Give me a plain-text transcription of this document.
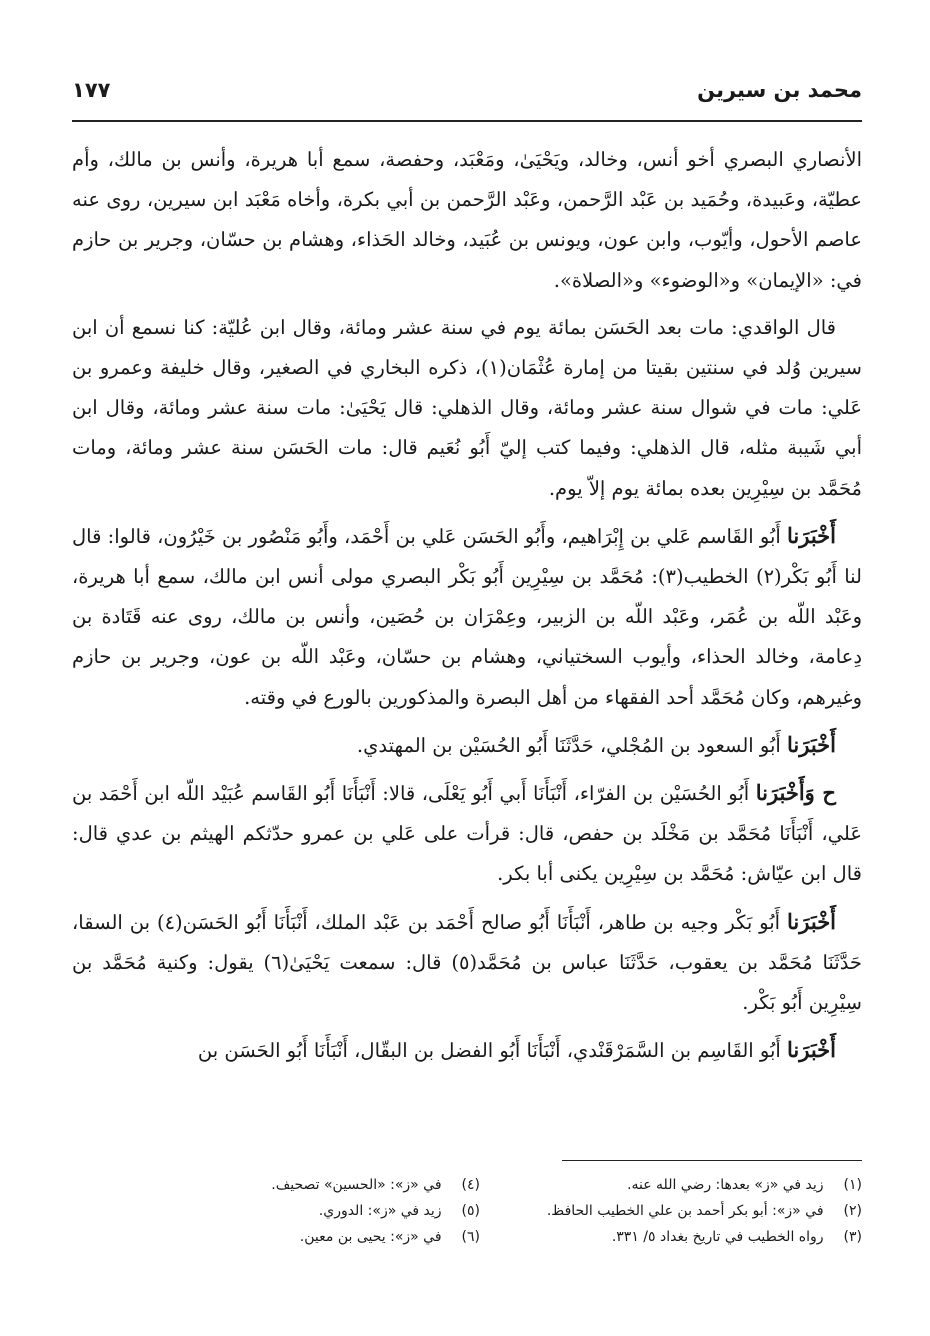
محمد بن سيرين
١٧٧

الأنصاري البصري أخو أنس، وخالد، ويَحْيَىٰ، ومَعْبَد، وحفصة، سمع أبا هريرة، وأنس بن مالك، وأم عطيّة، وعَبيدة، وحُمَيد بن عَبْد الرَّحمن، وعَبْد الرَّحمن بن أبي بكرة، وأخاه مَعْبَد ابن سيرين، روى عنه عاصم الأحول، وأيّوب، وابن عون، ويونس بن عُبَيد، وخالد الحَذاء، وهشام بن حسّان، وجرير بن حازم في: «الإيمان» و«الوضوء» و«الصلاة».

قال الواقدي: مات بعد الحَسَن بمائة يوم في سنة عشر ومائة، وقال ابن عُليّة: كنا نسمع أن ابن سيرين وُلد في سنتين بقيتا من إمارة عُثْمَان(١)، ذكره البخاري في الصغير، وقال خليفة وعمرو بن عَلي: مات في شوال سنة عشر ومائة، وقال الذهلي: قال يَحْيَىٰ: مات سنة عشر ومائة، وقال ابن أبي شَيبة مثله، قال الذهلي: وفيما كتب إليّ أَبُو نُعَيم قال: مات الحَسَن سنة عشر ومائة، ومات مُحَمَّد بن سِيْرِين بعده بمائة يوم إلاّ يوم.

أَخْبَرَنا أَبُو القَاسم عَلي بن إِبْرَاهيم، وأَبُو الحَسَن عَلي بن أَحْمَد، وأَبُو مَنْصُور بن خَيْرُون، قالوا: قال لنا أَبُو بَكْر(٢) الخطيب(٣): مُحَمَّد بن سِيْرِين أَبُو بَكْر البصري مولى أنس ابن مالك، سمع أبا هريرة، وعَبْد اللّه بن عُمَر، وعَبْد اللّه بن الزبير، وعِمْرَان بن حُصَين، وأنس بن مالك، روى عنه قَتَادة بن دِعامة، وخالد الحذاء، وأيوب السختياني، وهشام بن حسّان، وعَبْد اللّه بن عون، وجرير بن حازم وغيرهم، وكان مُحَمَّد أحد الفقهاء من أهل البصرة والمذكورين بالورع في وقته.

أَخْبَرَنا أَبُو السعود بن المُجْلي، حَدَّثَنَا أَبُو الحُسَيْن بن المهتدي.

ح وَأَخْبَرَنا أَبُو الحُسَيْن بن الفرّاء، أَنْبَأَنَا أَبي أَبُو يَعْلَى، قالا: أَنْبَأَنَا أَبُو القَاسم عُبَيْد اللّه ابن أَحْمَد بن عَلي، أَنْبَأَنَا مُحَمَّد بن مَخْلَد بن حفص، قال: قرأت على عَلي بن عمرو حدّثكم الهيثم بن عدي قال: قال ابن عيّاش: مُحَمَّد بن سِيْرِين يكنى أبا بكر.

أَخْبَرَنا أَبُو بَكْر وجيه بن طاهر، أَنْبَأَنَا أَبُو صالح أَحْمَد بن عَبْد الملك، أَنْبَأَنَا أَبُو الحَسَن(٤) بن السقا، حَدَّثَنَا مُحَمَّد بن يعقوب، حَدَّثَنَا عباس بن مُحَمَّد(٥) قال: سمعت يَحْيَىٰ(٦) يقول: وكنية مُحَمَّد بن سِيْرِين أَبُو بَكْر.

أَخْبَرَنا أَبُو القَاسِم بن السَّمَرْقَنْدي، أَنْبَأَنَا أَبُو الفضل بن البقّال، أَنْبَأَنَا أَبُو الحَسَن بن

(١) زيد في «ز» بعدها: رضي الله عنه.
(٢) في «ز»: أبو بكر أحمد بن علي الخطيب الحافظ.
(٣) رواه الخطيب في تاريخ بغداد ٥/ ٣٣١.
(٤) في «ز»: «الحسين» تصحيف.
(٥) زيد في «ز»: الدوري.
(٦) في «ز»: يحيى بن معين.
